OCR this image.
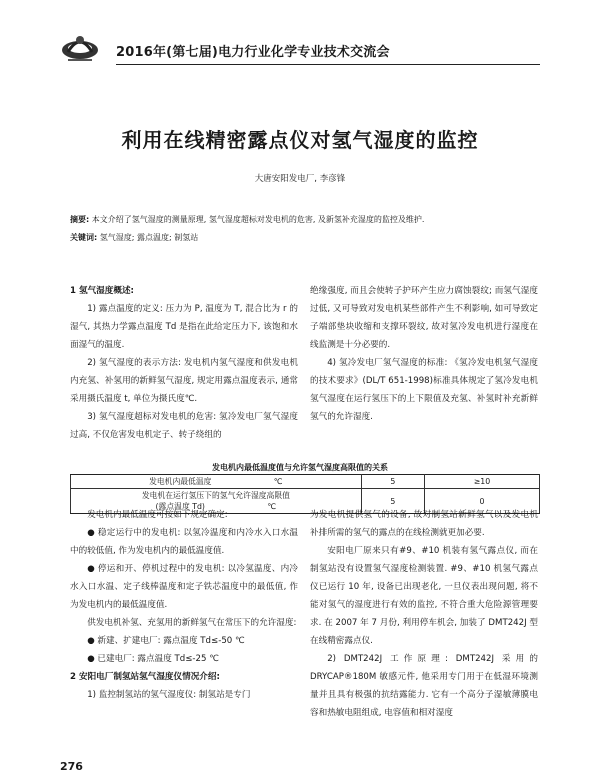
2016年(第七届)电力行业化学专业技术交流会
利用在线精密露点仪对氢气湿度的监控
大唐安阳发电厂, 李彦锋
摘要: 本文介绍了氢气湿度的测量原理, 氢气湿度超标对发电机的危害, 及新氢补充湿度的监控及维护.
关键词: 氢气湿度; 露点温度; 制氢站

1 氢气湿度概述:

1) 露点温度的定义: 压力为 P, 温度为 T, 混合比为 r 的湿气, 其热力学露点温度 Td 是指在此给定压力下, 该饱和水面湿气的温度.

2) 氢气湿度的表示方法: 发电机内氢气湿度和供发电机内充氢、补氢用的新鲜氢气湿度, 规定用露点温度表示, 通常采用摄氏温度 t, 单位为摄氏度℃.

3) 氢气湿度超标对发电机的危害: 氢冷发电厂氢气湿度过高, 不仅危害发电机定子、转子绕组的

绝缘强度, 而且会使转子护环产生应力腐蚀裂纹; 而氢气湿度过低, 又可导致对发电机某些部件产生不利影响, 如可导致定子端部垫块收缩和支撑环裂纹, 故对氢冷发电机进行湿度在线监测是十分必要的.

4) 氢冷发电厂氢气湿度的标准: 《氢冷发电机氢气湿度的技术要求》(DL/T 651-1998)标准具体规定了氢冷发电机氢气湿度在运行氢压下的上下限值及充氢、补氢时补充新鲜氢气的允许湿度.

发电机内最低温度值与允许氢气湿度高限值的关系
发电机内最低温度 ℃	5	≥10
发电机在运行氢压下的氢气允许湿度高限值
(露点温度 Td) ℃	5	0

发电机内最低温度可按如下规定确定:

● 稳定运行中的发电机: 以氢冷温度和内冷水入口水温中的较低值, 作为发电机内的最低温度值.

● 停运和开、停机过程中的发电机: 以冷氢温度、内冷水入口水温、定子线棒温度和定子铁芯温度中的最低值, 作为发电机内的最低温度值.

供发电机补氢、充氢用的新鲜氢气在常压下的允许湿度:

● 新建、扩建电厂: 露点温度 Td≤-50 ℃

● 已建电厂: 露点温度 Td≤-25 ℃

2 安阳电厂制氢站氢气湿度仪情况介绍:

1) 监控制氢站的氢气湿度仪: 制氢站是专门

为发电机提供氢气的设备, 故对制氢站新鲜氢气以及发电机补排所需的氢气的露点的在线检测就更加必要.

安阳电厂原来只有#9、#10 机装有氢气露点仪, 而在制氢站没有设置氢气湿度检测装置. #9、#10 机氢气露点仪已运行 10 年, 设备已出现老化, 一旦仪表出现问题, 将不能对氢气的湿度进行有效的监控, 不符合重大危险源管理要求. 在 2007 年 7 月份, 利用停车机会, 加装了 DMT242J 型在线精密露点仪.

2) DMT242J 工作原理: DMT242J 采用的 DRYCAP®180M 敏感元件, 他采用专门用于在低湿环境测量并且具有极强的抗结露能力. 它有一个高分子湿敏薄膜电容和热敏电阻组成, 电容值和相对湿度

276
